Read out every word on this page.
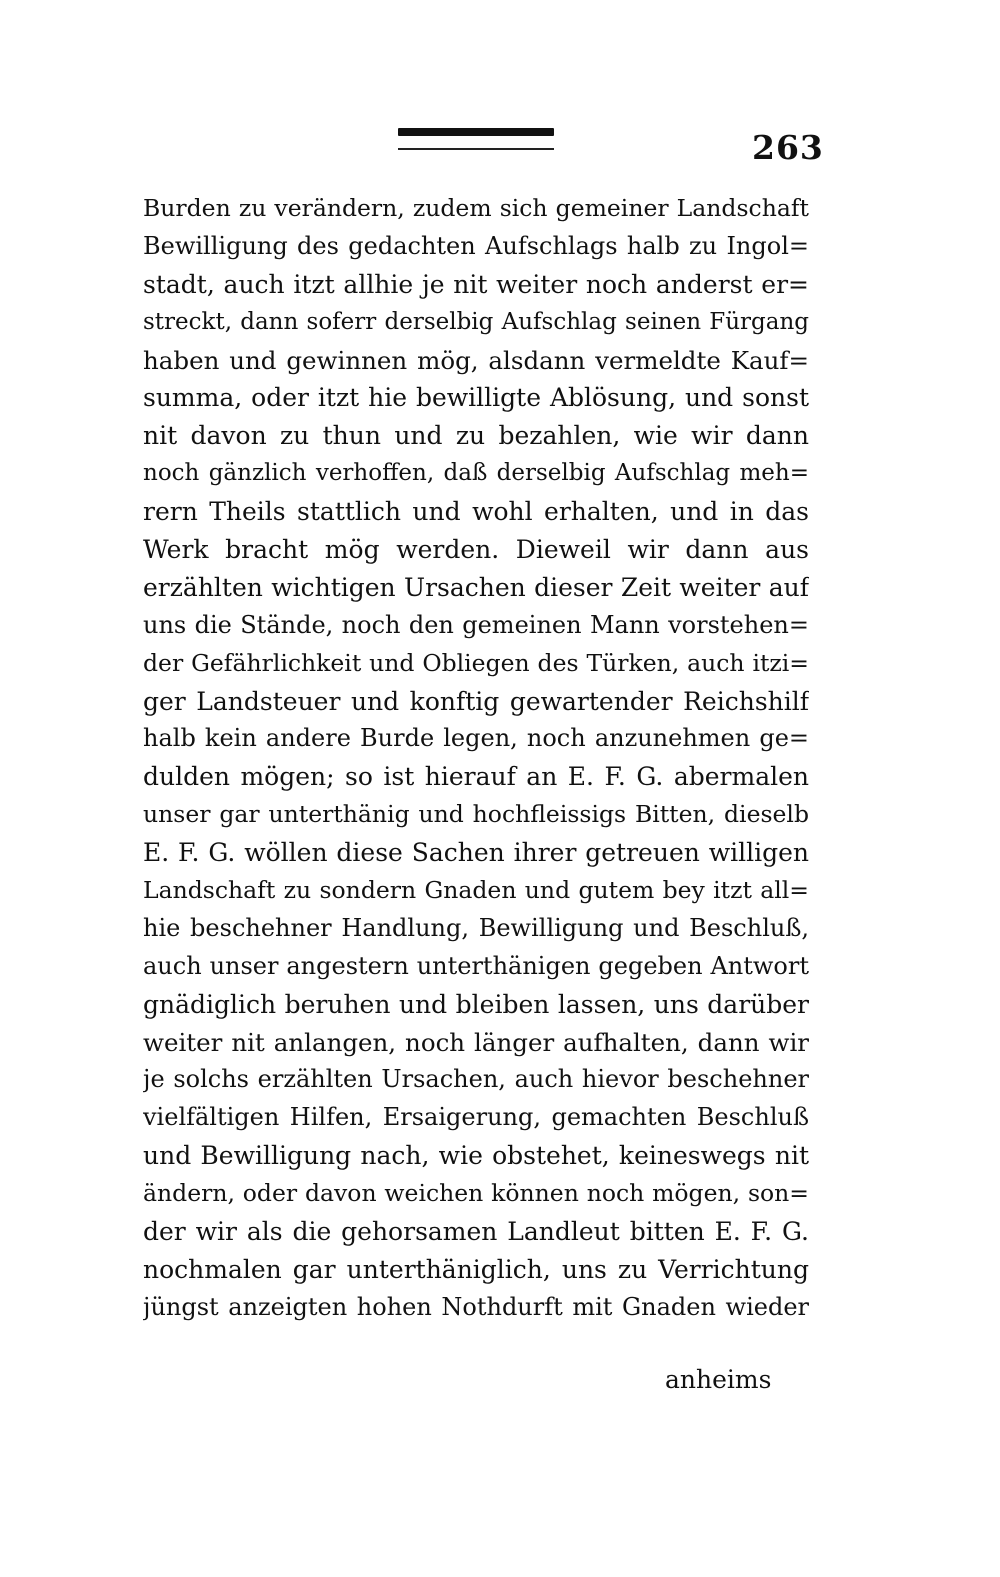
263
Burden zu verändern, zudem sich gemeiner Landschaft
Bewilligung des gedachten Aufschlags halb zu Ingol=
stadt, auch itzt allhie je nit weiter noch anderst er=
streckt, dann soferr derselbig Aufschlag seinen Fürgang
haben und gewinnen mög, alsdann vermeldte Kauf=
summa, oder itzt hie bewilligte Ablösung, und sonst
nit davon zu thun und zu bezahlen, wie wir dann
noch gänzlich verhoffen, daß derselbig Aufschlag meh=
rern Theils stattlich und wohl erhalten, und in das
Werk bracht mög werden. Dieweil wir dann aus
erzählten wichtigen Ursachen dieser Zeit weiter auf
uns die Stände, noch den gemeinen Mann vorstehen=
der Gefährlichkeit und Obliegen des Türken, auch itzi=
ger Landsteuer und konftig gewartender Reichshilf
halb kein andere Burde legen, noch anzunehmen ge=
dulden mögen; so ist hierauf an E. F. G. abermalen
unser gar unterthänig und hochfleissigs Bitten, dieselb
E. F. G. wöllen diese Sachen ihrer getreuen willigen
Landschaft zu sondern Gnaden und gutem bey itzt all=
hie beschehner Handlung, Bewilligung und Beschluß,
auch unser angestern unterthänigen gegeben Antwort
gnädiglich beruhen und bleiben lassen, uns darüber
weiter nit anlangen, noch länger aufhalten, dann wir
je solchs erzählten Ursachen, auch hievor beschehner
vielfältigen Hilfen, Ersaigerung, gemachten Beschluß
und Bewilligung nach, wie obstehet, keineswegs nit
ändern, oder davon weichen können noch mögen, son=
der wir als die gehorsamen Landleut bitten E. F. G.
nochmalen gar unterthäniglich, uns zu Verrichtung
jüngst anzeigten hohen Nothdurft mit Gnaden wieder
anheims
